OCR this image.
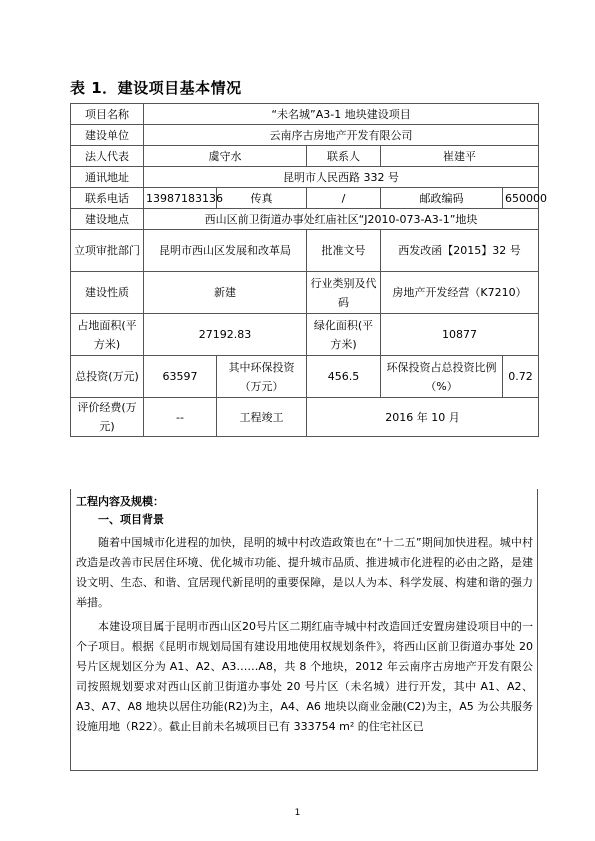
表 1．建设项目基本情况
项目名称	“未名城”A3-1 地块建设项目				
建设单位	云南序古房地产开发有限公司				
法人代表	虞守水		联系人	崔建平	
通讯地址	昆明市人民西路 332 号				
联系电话	13987183136	传真	/	邮政编码	650000
建设地点	西山区前卫街道办事处红庙社区“J2010-073-A3-1”地块				
立项审批部门	昆明市西山区发展和改革局		批准文号	西发改函【2015】32 号	
建设性质	新建		行业类别及代码	房地产开发经营（K7210）	
占地面积(平方米)	27192.83		绿化面积(平方米)	10877	
总投资(万元)	63597	其中环保投资（万元）	456.5	环保投资占总投资比例（%）	0.72
评价经费(万元)	--	工程竣工	2016 年 10 月		
工程内容及规模：
一、项目背景

随着中国城市化进程的加快，昆明的城中村改造政策也在“十二五”期间加快进程。城中村改造是改善市民居住环境、优化城市功能、提升城市品质、推进城市化进程的必由之路，是建设文明、生态、和谐、宜居现代新昆明的重要保障，是以人为本、科学发展、构建和谐的强力举措。

本建设项目属于昆明市西山区20号片区二期红庙寺城中村改造回迁安置房建设项目中的一个子项目。根据《昆明市规划局国有建设用地使用权规划条件》，将西山区前卫街道办事处 20 号片区规划区分为 A1、A2、A3……A8，共 8 个地块，2012 年云南序古房地产开发有限公司按照规划要求对西山区前卫街道办事处 20 号片区（未名城）进行开发，其中 A1、A2、A3、A7、A8 地块以居住功能(R2)为主，A4、A6 地块以商业金融(C2)为主，A5 为公共服务设施用地（R22）。截止目前未名城项目已有 333754 m² 的住宅社区已

1
